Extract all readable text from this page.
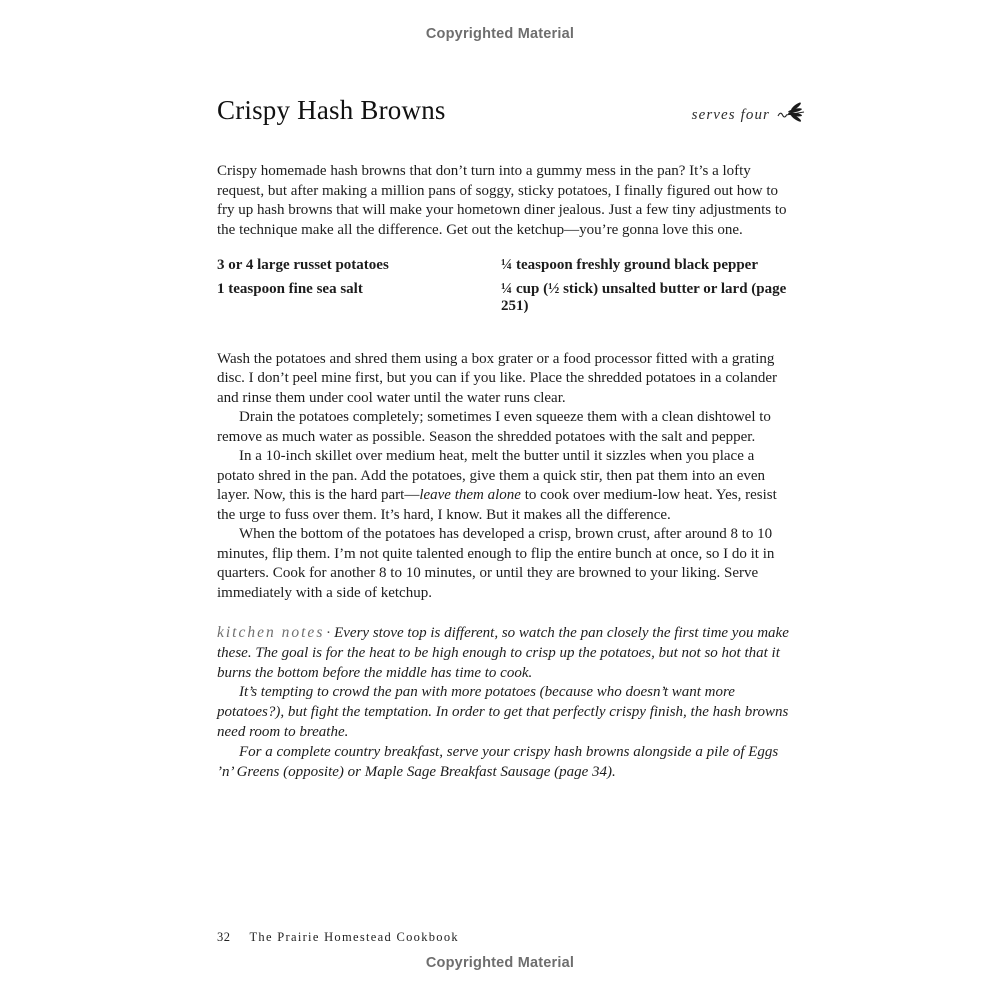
Copyrighted Material
Crispy Hash Browns	serves four

Crispy homemade hash browns that don’t turn into a gummy mess in the pan? It’s a lofty request, but after making a million pans of soggy, sticky potatoes, I finally figured out how to fry up hash browns that will make your hometown diner jealous. Just a few tiny adjustments to the technique make all the difference. Get out the ketchup—you’re gonna love this one.

3 or 4 large russet potatoes

1 teaspoon fine sea salt

¼ teaspoon freshly ground black pepper

¼ cup (½ stick) unsalted butter or lard (page 251)

Wash the potatoes and shred them using a box grater or a food processor fitted with a grating disc. I don’t peel mine first, but you can if you like. Place the shredded potatoes in a colander and rinse them under cool water until the water runs clear.

Drain the potatoes completely; sometimes I even squeeze them with a clean dishtowel to remove as much water as possible. Season the shredded potatoes with the salt and pepper.

In a 10-inch skillet over medium heat, melt the butter until it sizzles when you place a potato shred in the pan. Add the potatoes, give them a quick stir, then pat them into an even layer. Now, this is the hard part—leave them alone to cook over medium-low heat. Yes, resist the urge to fuss over them. It’s hard, I know. But it makes all the difference.

When the bottom of the potatoes has developed a crisp, brown crust, after around 8 to 10 minutes, flip them. I’m not quite talented enough to flip the entire bunch at once, so I do it in quarters. Cook for another 8 to 10 minutes, or until they are browned to your liking. Serve immediately with a side of ketchup.

kitchen notes · Every stove top is different, so watch the pan closely the first time you make these. The goal is for the heat to be high enough to crisp up the potatoes, but not so hot that it burns the bottom before the middle has time to cook.

It’s tempting to crowd the pan with more potatoes (because who doesn’t want more potatoes?), but fight the temptation. In order to get that perfectly crispy finish, the hash browns need room to breathe.

For a complete country breakfast, serve your crispy hash browns alongside a pile of Eggs ’n’ Greens (opposite) or Maple Sage Breakfast Sausage (page 34).

32 The Prairie Homestead Cookbook
Copyrighted Material
